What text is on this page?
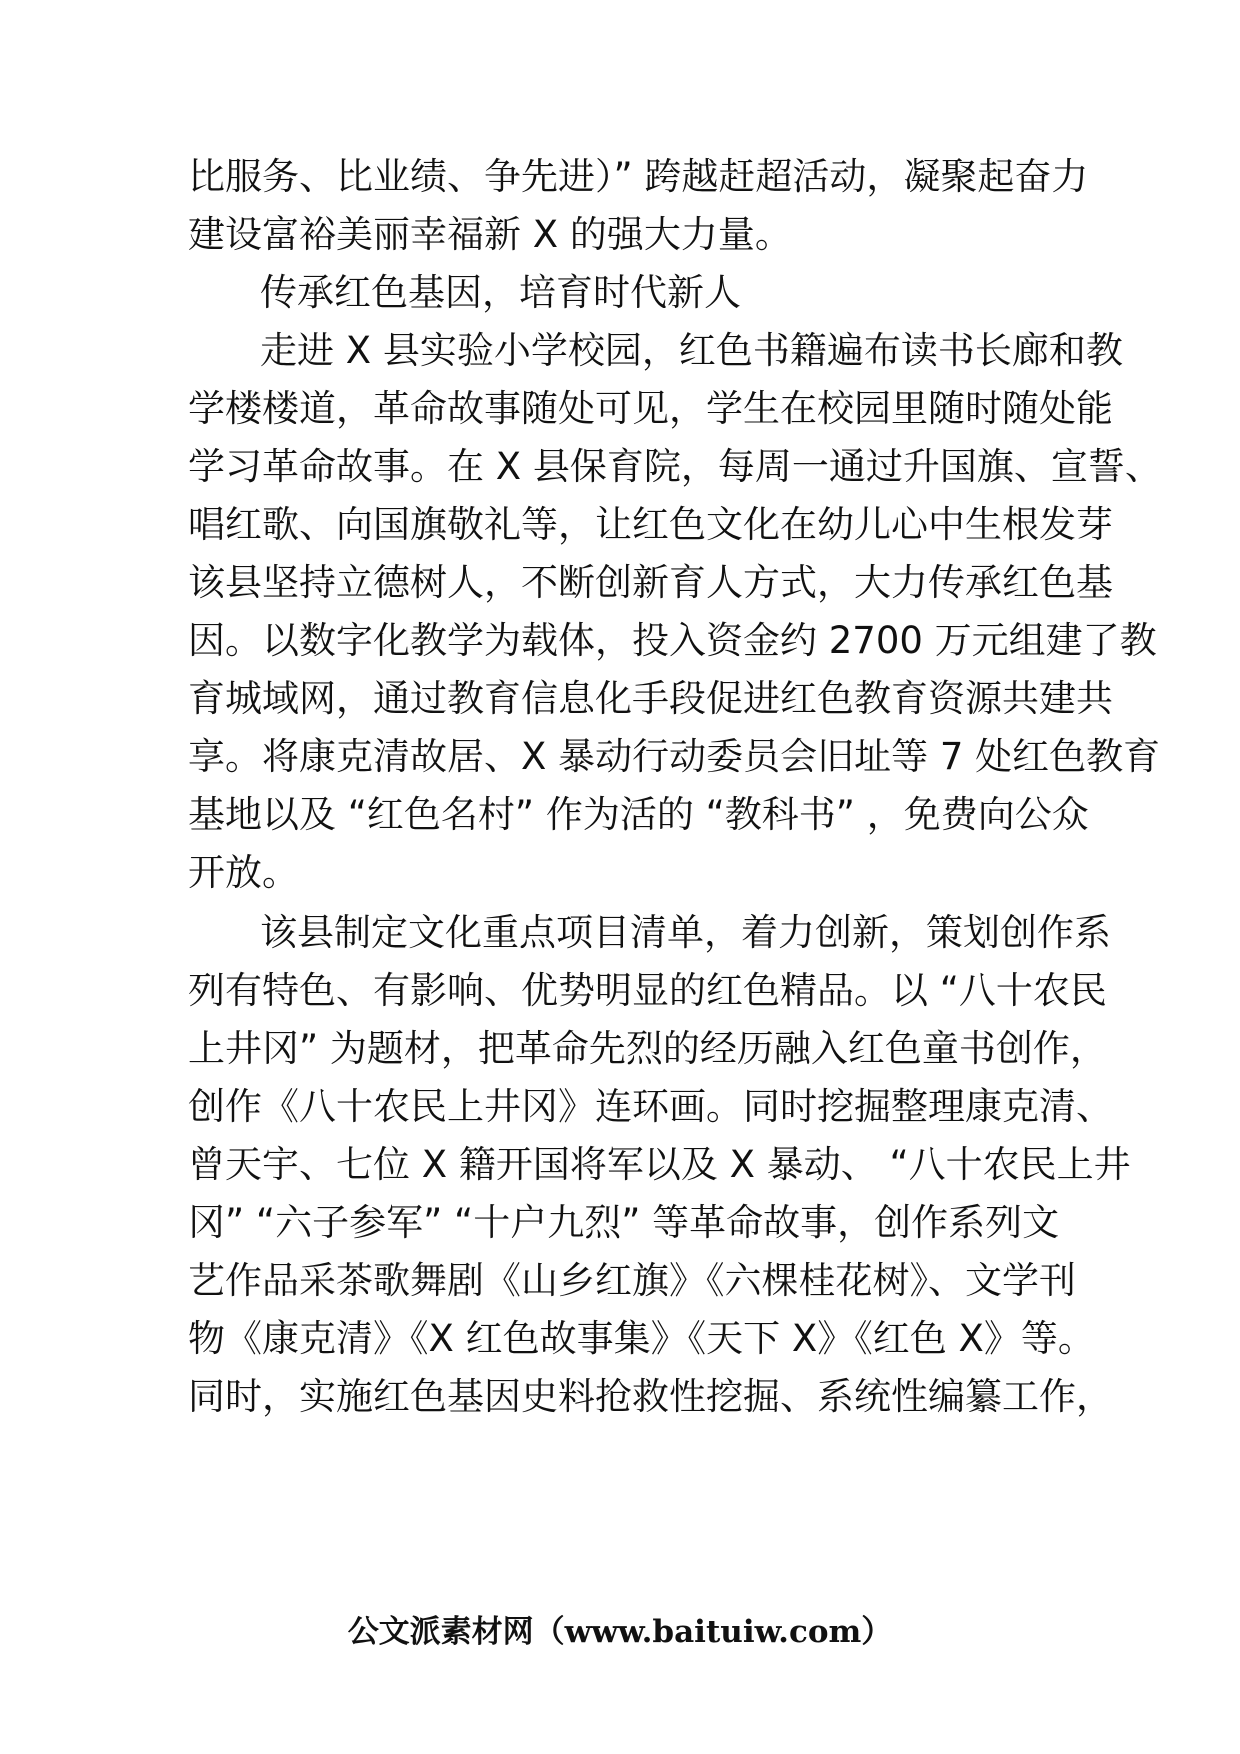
比服务、比业绩、争先进）” 跨越赶超活动，凝聚起奋力
建设富裕美丽幸福新 X 的强大力量。
传承红色基因，培育时代新人
走进 X 县实验小学校园，红色书籍遍布读书长廊和教
学楼楼道，革命故事随处可见，学生在校园里随时随处能
学习革命故事。在 X 县保育院，每周一通过升国旗、宣誓、
唱红歌、向国旗敬礼等，让红色文化在幼儿心中生根发芽
该县坚持立德树人，不断创新育人方式，大力传承红色基
因。以数字化教学为载体，投入资金约 2700 万元组建了教
育城域网，通过教育信息化手段促进红色教育资源共建共
享。将康克清故居、X 暴动行动委员会旧址等 7 处红色教育
基地以及 “红色名村” 作为活的 “教科书” ，免费向公众
开放。
该县制定文化重点项目清单，着力创新，策划创作系
列有特色、有影响、优势明显的红色精品。以 “八十农民
上井冈” 为题材，把革命先烈的经历融入红色童书创作，
创作《八十农民上井冈》连环画。同时挖掘整理康克清、
曾天宇、七位 X 籍开国将军以及 X 暴动、 “八十农民上井
冈” “六子参军” “十户九烈” 等革命故事，创作系列文
艺作品采茶歌舞剧《山乡红旗》《六棵桂花树》、文学刊
物《康克清》《X 红色故事集》《天下 X》《红色 X》等。
同时，实施红色基因史料抢救性挖掘、系统性编纂工作，
公文派素材网（www.baituiw.com）
